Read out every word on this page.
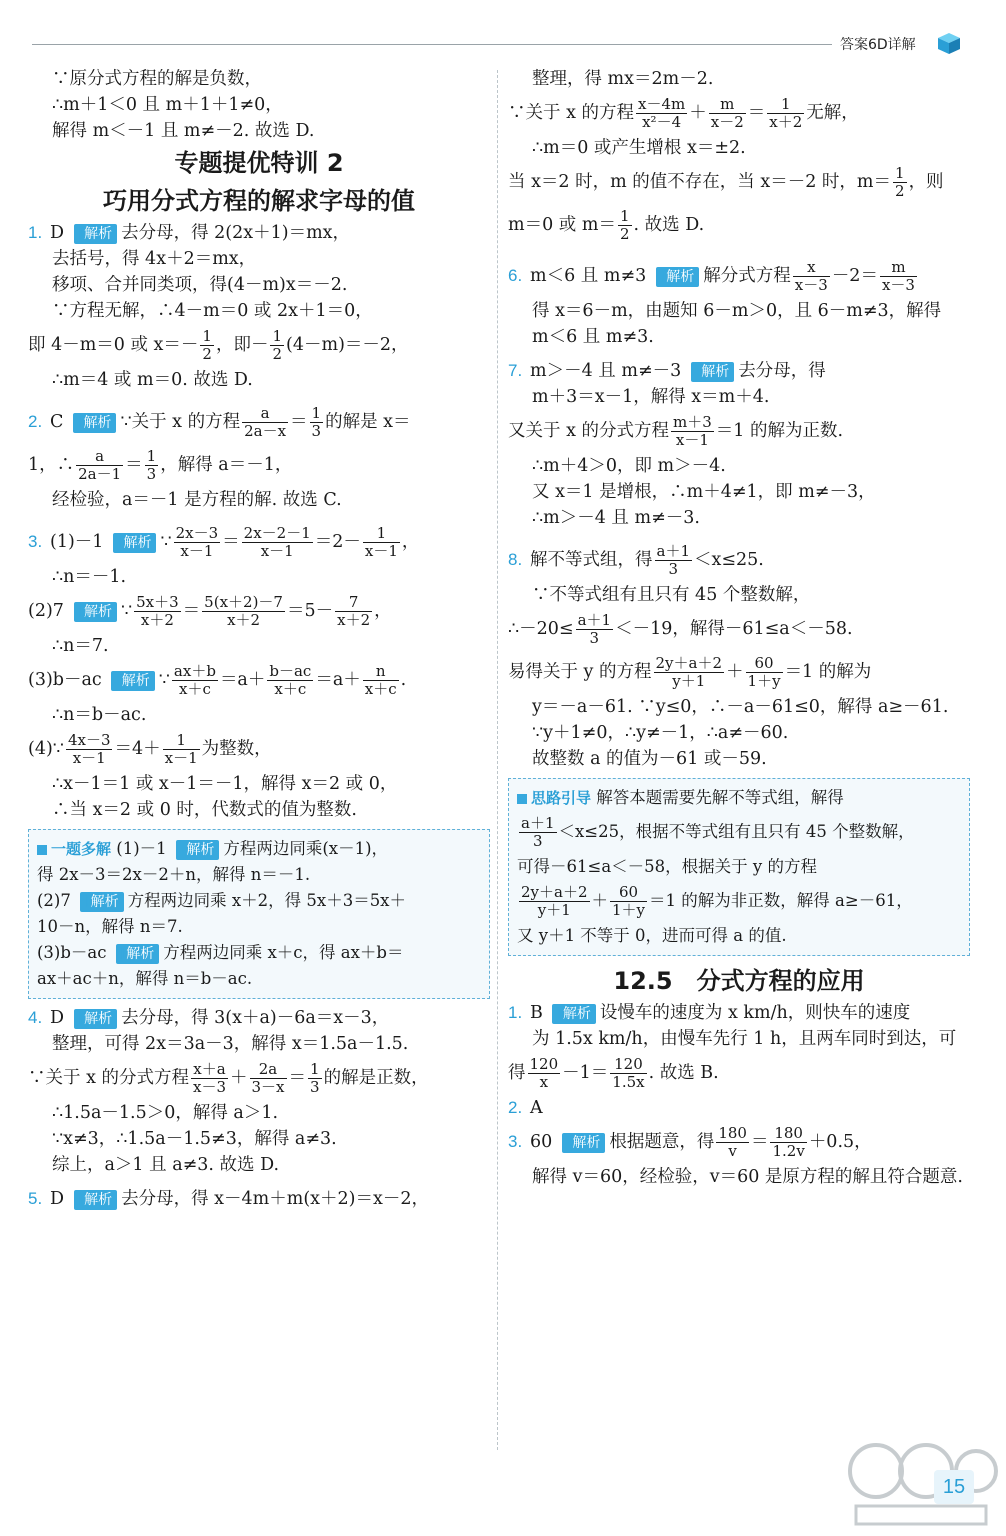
答案6D详解

∵原分式方程的解是负数，

∴m＋1＜0 且 m＋1＋1≠0，

解得 m＜－1 且 m≠－2. 故选 D.

专题提优特训 2

巧用分式方程的解求字母的值

1. D [ 解析 去分母，得 2(2x＋1)＝mx，

去括号，得 4x＋2＝mx，

移项、合并同类项，得(4－m)x＝－2.

∵方程无解，∴4－m＝0 或 2x＋1＝0，

即 4－m＝0 或 $x=- \frac{1}{2}$ ，即－ $\frac{1}{2} (4-m)=-2$，

∴m＝4 或 m＝0. 故选 D.

2. C [ 解析 ∵关于 x 的方程 $\frac{a}{2a-x} = \frac{1}{3}$ 的解是 x＝

1，∴ $\frac{a}{2a-1} = \frac{1}{3}$ ，解得 a＝－1，

经检验，a＝－1 是方程的解. 故选 C.

3. (1)－1 [ 解析 ∵ $\frac{2x-3}{x-1} = \frac{2x-2-1}{x-1} =2- \frac{1}{x-1}$ ，

∴n＝－1.

(2)7 [ 解析 ∵ $\frac{5x+3}{x+2} = \frac{5(x+2)-7}{x+2} =5- \frac{7}{x+2}$ ，

∴n＝7.

(3)b－ac [ 解析 ∵ $\frac{ax+b}{x+c} =a+ \frac{b-ac}{x+c} =a+ \frac{n}{x+c}$ .

∴n＝b－ac.

(4)∵ $\frac{4x-3}{x-1} =4+ \frac{1}{x-1}$ 为整数，

∴x－1＝1 或 x－1＝－1，解得 x＝2 或 0，

∴当 x＝2 或 0 时，代数式的值为整数.

一题多解 (1)－1 [ 解析 方程两边同乘(x－1)，

得 2x－3＝2x－2＋n，解得 n＝－1.

(2)7 [ 解析 方程两边同乘 x＋2，得 5x＋3＝5x＋

10－n，解得 n＝7.

(3)b－ac [ 解析 方程两边同乘 x＋c，得 ax＋b＝

ax＋ac＋n，解得 n＝b－ac.

4. D [ 解析 去分母，得 3(x＋a)－6a＝x－3，

整理，可得 2x＝3a－3，解得 x＝1.5a－1.5.

∵关于 x 的分式方程 $\frac{x+a}{x-3} + \frac{2a}{3-x} = \frac{1}{3}$ 的解是正数，

∴1.5a－1.5＞0，解得 a＞1.

∵x≠3，∴1.5a－1.5≠3，解得 a≠3.

综上，a＞1 且 a≠3. 故选 D.

5. D [ 解析 去分母，得 x－4m＋m(x＋2)＝x－2，

整理，得 mx＝2m－2.

∵关于 x 的方程 $\frac{x-4m}{\text{x²－4}} + \frac{m}{x-2} = \frac{1}{x+2}$ 无解，

∴m＝0 或产生增根 x＝±2.

当 x＝2 时，m 的值不存在，当 x＝－2 时，$m= \frac{1}{2}$ ，则

m＝0 或 $m= \frac{1}{2}$ . 故选 D.

6. m＜6 且 m≠3 [ 解析 解分式方程 $\frac{x}{x-3} -2= \frac{m}{x-3}$

得 x＝6－m，由题知 6－m＞0，且 6－m≠3，解得

m＜6 且 m≠3.

7. m＞－4 且 m≠－3 [ 解析 去分母，得

m＋3＝x－1，解得 x＝m＋4.

又关于 x 的分式方程 $\frac{m+3}{x-1} =1$ 的解为正数.

∴m＋4＞0，即 m＞－4.

又 x＝1 是增根，∴m＋4≠1，即 m≠－3，

∴m＞－4 且 m≠－3.

8. 解不等式组，得 $\frac{a+1}{3} <x\le 25$.

∵不等式组有且只有 45 个整数解，

∴－20≤ $\frac{a+1}{3} <-19$，解得－61≤a＜－58.

易得关于 y 的方程 $\frac{2y+a+2}{y+1} + \frac{60}{1+y} =1$ 的解为

y＝－a－61. ∵y≤0，∴－a－61≤0，解得 a≥－61.

∵y＋1≠0，∴y≠－1，∴a≠－60.

故整数 a 的值为－61 或－59.

思路引导 解答本题需要先解不等式组，解得

$\frac{a+1}{3} <x\le 25$，根据不等式组有且只有 45 个整数解，

可得－61≤a＜－58，根据关于 y 的方程

$\frac{2y+a+2}{y+1} + \frac{60}{1+y} =1$ 的解为非正数，解得 a≥－61，

又 y＋1 不等于 0，进而可得 a 的值.

12.5　分式方程的应用

1. B [ 解析 设慢车的速度为 x km/h，则快车的速度

为 1.5x km/h，由慢车先行 1 h，且两车同时到达，可

得 $\frac{120}{x} -1= \frac{120}{1.5x}$ . 故选 B.

2. A

3. 60 [ 解析 根据题意，得 $\frac{180}{v} = \frac{180}{1.2v} +0.5$，

解得 v＝60，经检验，v＝60 是原方程的解且符合题意.

15
